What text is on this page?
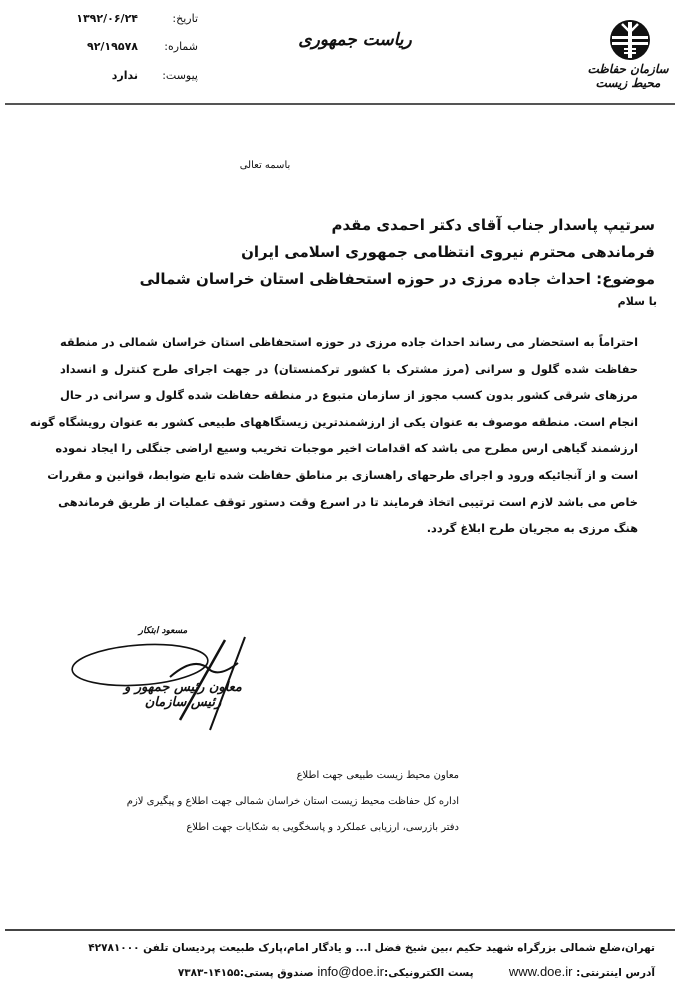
سازمان حفاظت محیط زیست
ریاست جمهوری
تاریخ:
۱۳۹۲/۰۶/۲۴
شماره:
۹۲/۱۹۵۷۸
پیوست:
ندارد
باسمه تعالی
سرتیپ پاسدار جناب آقای دکتر احمدی مقدم
فرماندهی محترم نیروی انتظامی جمهوری اسلامی ایران
موضوع: احداث جاده مرزی در حوزه استحفاظی استان خراسان شمالی
با سلام
احتراماً به استحضار می رساند احداث جاده مرزی در حوزه استحفاظی استان خراسان شمالی در منطقه
حفاظت شده گلول و سرانی (مرز مشترک با کشور ترکمنستان) در جهت اجرای طرح کنترل و انسداد
مرزهای شرقی کشور بدون کسب مجوز از سازمان متبوع در منطقه حفاظت شده گلول و سرانی در حال
انجام است. منطقه موصوف به عنوان یکی از ارزشمندترین زیستگاههای طبیعی کشور به عنوان رویشگاه گونه
ارزشمند گیاهی ارس مطرح می باشد که اقدامات اخیر موجبات تخریب وسیع اراضی جنگلی را ایجاد نموده
است و از آنجائیکه ورود و اجرای طرحهای راهسازی بر مناطق حفاظت شده تابع ضوابط، قوانین و مقررات
خاص می باشد لازم است ترتیبی اتخاذ فرمایند تا در اسرع وقت دستور توقف عملیات از طریق فرماندهی
هنگ مرزی به مجریان طرح ابلاغ گردد.
مسعود ابتکار
معاون رئیس جمهور و رئیس سازمان
معاون محیط زیست طبیعی جهت اطلاع
اداره کل حفاظت محیط زیست استان خراسان شمالی جهت اطلاع و پیگیری لازم
دفتر بازرسی، ارزیابی عملکرد و پاسخگویی به شکایات جهت اطلاع
تهران،ضلع شمالی بزرگراه شهید حکیم ،بین شیخ فضل ا... و یادگار امام،پارک طبیعت پردیسان تلفن ۴۲۷۸۱۰۰۰
آدرس اینترنتی: www.doe.ir  پست الکترونیکی:info@doe.ir صندوق پستی:۱۴۱۵۵-۷۳۸۳
